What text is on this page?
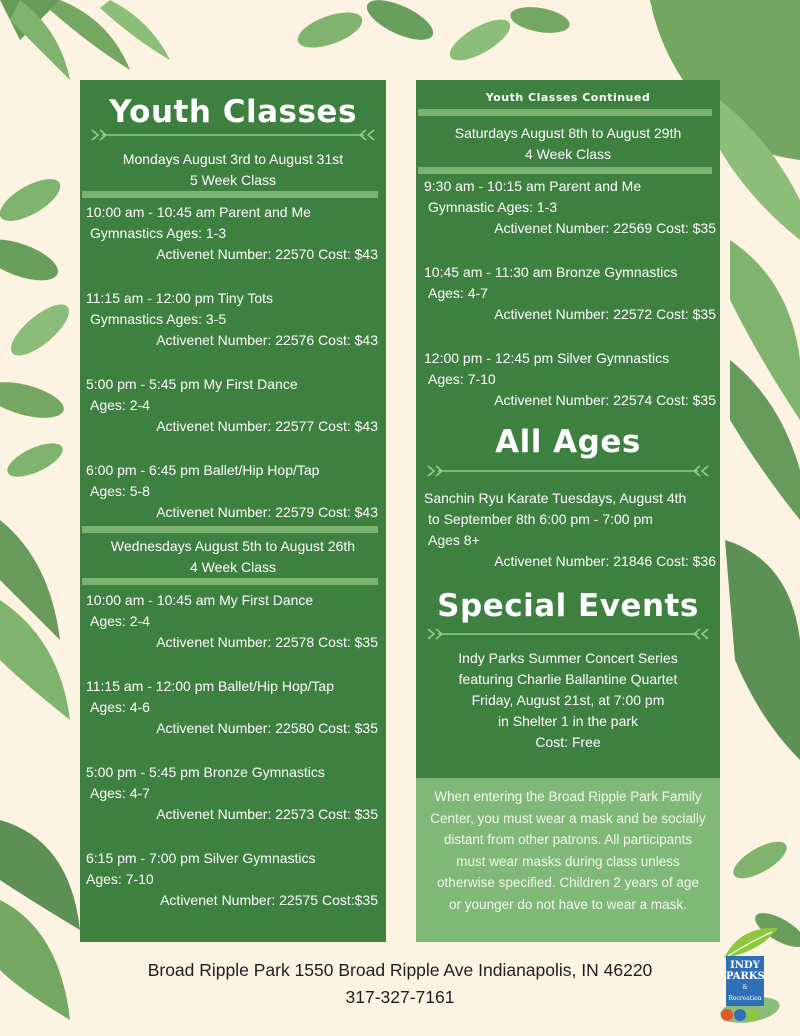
Youth Classes
Mondays August 3rd to August 31st
5 Week Class
10:00 am - 10:45 am Parent and Me
Gymnastics Ages: 1-3
Activenet Number: 22570 Cost: $43
11:15 am - 12:00 pm Tiny Tots
Gymnastics Ages: 3-5
Activenet Number: 22576 Cost: $43
5:00 pm - 5:45 pm My First Dance
Ages: 2-4
Activenet Number: 22577 Cost: $43
6:00 pm - 6:45 pm Ballet/Hip Hop/Tap
Ages: 5-8
Activenet Number: 22579 Cost: $43
Wednesdays August 5th to August 26th
4 Week Class
10:00 am - 10:45 am My First Dance
Ages: 2-4
Activenet Number: 22578 Cost: $35
11:15 am - 12:00 pm Ballet/Hip Hop/Tap
Ages: 4-6
Activenet Number: 22580 Cost: $35
5:00 pm - 5:45 pm Bronze Gymnastics
Ages: 4-7
Activenet Number: 22573 Cost: $35
6:15 pm - 7:00 pm Silver Gymnastics
Ages: 7-10
Activenet Number: 22575 Cost:$35
Youth Classes Continued
Saturdays August 8th to August 29th
4 Week Class
9:30 am - 10:15 am Parent and Me
Gymnastic Ages: 1-3
Activenet Number: 22569 Cost: $35
10:45 am - 11:30 am Bronze Gymnastics
Ages: 4-7
Activenet Number: 22572 Cost: $35
12:00 pm - 12:45 pm Silver Gymnastics
Ages: 7-10
Activenet Number: 22574 Cost: $35
All Ages
Sanchin Ryu Karate Tuesdays, August 4th
to September 8th 6:00 pm - 7:00 pm
Ages 8+
Activenet Number: 21846 Cost: $36
Special Events
Indy Parks Summer Concert Series
featuring Charlie Ballantine Quartet
Friday, August 21st, at 7:00 pm
in Shelter 1 in the park
Cost: Free
When entering the Broad Ripple Park Family Center, you must wear a mask and be socially distant from other patrons. All participants must wear masks during class unless otherwise specified. Children 2 years of age or younger do not have to wear a mask.
Broad Ripple Park 1550 Broad Ripple Ave Indianapolis, IN 46220
317-327-7161
INDY
PARKS
& Recreation
